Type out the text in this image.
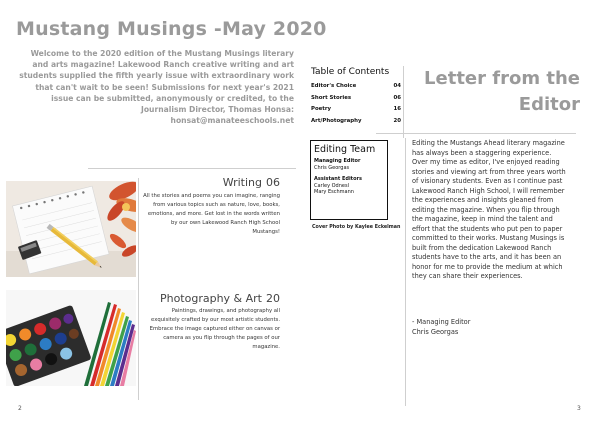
Mustang Musings -May 2020
Welcome to the 2020 edition of the Mustang Musings literary and arts magazine! Lakewood Ranch creative writing and art students supplied the fifth yearly issue with extraordinary work that can't wait to be seen! Submissions for next year's 2021 issue can be submitted, anonymously or credited, to the Journalism Director, Thomas Honsa: honsat@manateeschools.net
Writing 06
All the stories and poems you can imagine, ranging from various topics such as nature, love, books, emotions, and more. Get lost in the words written by our own Lakewood Ranch High School Mustangs!
Photography & Art 20
Paintings, drawings, and photography all exquisitely crafted by our most artistic students. Embrace the image captured either on canvas or camera as you flip through the pages of our magazine.
2
Table of Contents
Editor's Choice	04
Short Stories	06
Poetry	16
Art/Photography	20
Editing Team
Managing Editor
Chris Georgas
Assistant Editors
Carley Odnesl
Mary Eschmann
Cover Photo by Kaylee Eckelman
Letter from the Editor
Editing the Mustangs Ahead literary magazine has always been a staggering experience. Over my time as editor, I've enjoyed reading stories and viewing art from three years worth of visionary students. Even as I continue past Lakewood Ranch High School, I will remember the experiences and insights gleaned from editing the magazine. When you flip through the magazine, keep in mind the talent and effort that the students who put pen to paper committed to their works. Mustang Musings is built from the dedication Lakewood Ranch students have to the arts, and it has been an honor for me to provide the medium at which they can share their experiences.
- Managing Editor
Chris Georgas
3
